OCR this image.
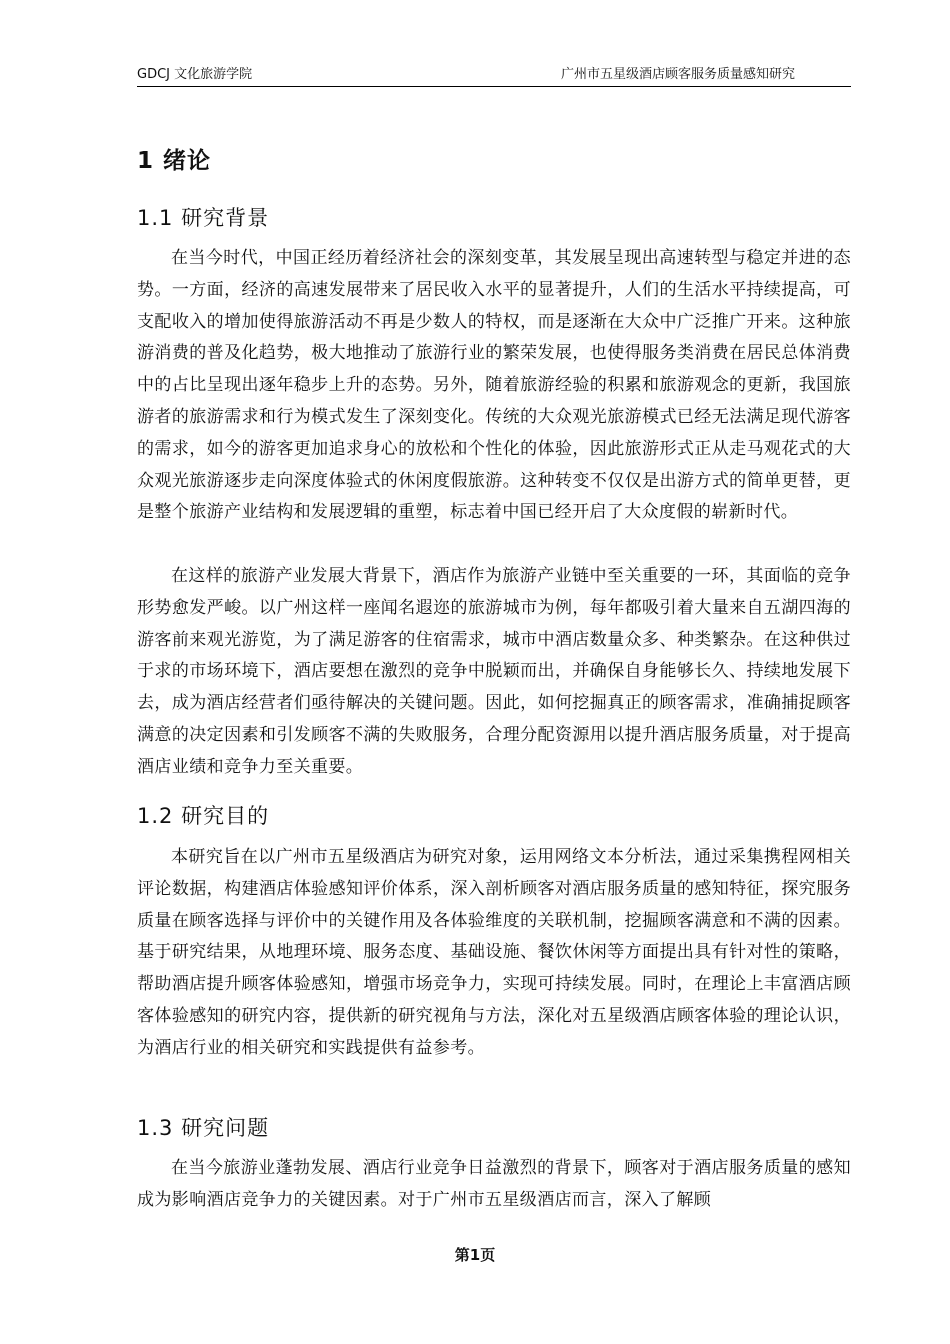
GDCJ 文化旅游学院	广州市五星级酒店顾客服务质量感知研究
1 绪论
1.1 研究背景

在当今时代，中国正经历着经济社会的深刻变革，其发展呈现出高速转型与稳定并进的态势。一方面，经济的高速发展带来了居民收入水平的显著提升，人们的生活水平持续提高，可支配收入的增加使得旅游活动不再是少数人的特权，而是逐渐在大众中广泛推广开来。这种旅游消费的普及化趋势，极大地推动了旅游行业的繁荣发展，也使得服务类消费在居民总体消费中的占比呈现出逐年稳步上升的态势。另外，随着旅游经验的积累和旅游观念的更新，我国旅游者的旅游需求和行为模式发生了深刻变化。传统的大众观光旅游模式已经无法满足现代游客的需求，如今的游客更加追求身心的放松和个性化的体验，因此旅游形式正从走马观花式的大众观光旅游逐步走向深度体验式的休闲度假旅游。这种转变不仅仅是出游方式的简单更替，更是整个旅游产业结构和发展逻辑的重塑，标志着中国已经开启了大众度假的崭新时代。

在这样的旅游产业发展大背景下，酒店作为旅游产业链中至关重要的一环，其面临的竞争形势愈发严峻。以广州这样一座闻名遐迩的旅游城市为例，每年都吸引着大量来自五湖四海的游客前来观光游览，为了满足游客的住宿需求，城市中酒店数量众多、种类繁杂。在这种供过于求的市场环境下，酒店要想在激烈的竞争中脱颖而出，并确保自身能够长久、持续地发展下去，成为酒店经营者们亟待解决的关键问题。因此，如何挖掘真正的顾客需求，准确捕捉顾客满意的决定因素和引发顾客不满的失败服务，合理分配资源用以提升酒店服务质量，对于提高酒店业绩和竞争力至关重要。

1.2 研究目的

本研究旨在以广州市五星级酒店为研究对象，运用网络文本分析法，通过采集携程网相关评论数据，构建酒店体验感知评价体系，深入剖析顾客对酒店服务质量的感知特征，探究服务质量在顾客选择与评价中的关键作用及各体验维度的关联机制，挖掘顾客满意和不满的因素。基于研究结果，从地理环境、服务态度、基础设施、餐饮休闲等方面提出具有针对性的策略，帮助酒店提升顾客体验感知，增强市场竞争力，实现可持续发展。同时，在理论上丰富酒店顾客体验感知的研究内容，提供新的研究视角与方法，深化对五星级酒店顾客体验的理论认识，为酒店行业的相关研究和实践提供有益参考。

1.3 研究问题

在当今旅游业蓬勃发展、酒店行业竞争日益激烈的背景下，顾客对于酒店服务质量的感知成为影响酒店竞争力的关键因素。对于广州市五星级酒店而言，深入了解顾

第1页
